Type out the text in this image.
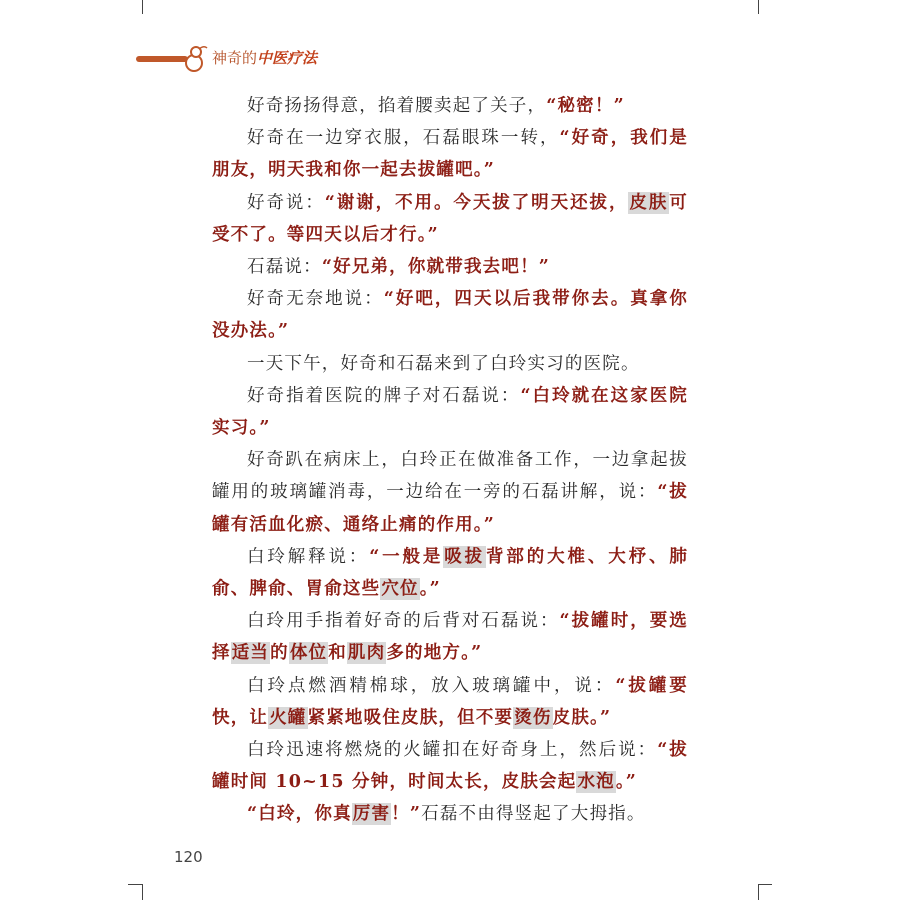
神奇的中医疗法

好奇扬扬得意，掐着腰卖起了关子，“秘密！”

好奇在一边穿衣服，石磊眼珠一转，“好奇，我们是朋友，明天我和你一起去拔罐吧。”

好奇说：“谢谢，不用。今天拔了明天还拔，皮肤可受不了。等四天以后才行。”

石磊说：“好兄弟，你就带我去吧！”

好奇无奈地说：“好吧，四天以后我带你去。真拿你没办法。”

一天下午，好奇和石磊来到了白玲实习的医院。

好奇指着医院的牌子对石磊说：“白玲就在这家医院实习。”

好奇趴在病床上，白玲正在做准备工作，一边拿起拔罐用的玻璃罐消毒，一边给在一旁的石磊讲解，说：“拔罐有活血化瘀、通络止痛的作用。”

白玲解释说：“一般是吸拔背部的大椎、大杼、肺俞、脾俞、胃俞这些穴位。”

白玲用手指着好奇的后背对石磊说：“拔罐时，要选择适当的体位和肌肉多的地方。”

白玲点燃酒精棉球，放入玻璃罐中，说：“拔罐要快，让火罐紧紧地吸住皮肤，但不要烫伤皮肤。”

白玲迅速将燃烧的火罐扣在好奇身上，然后说：“拔罐时间 10~15 分钟，时间太长，皮肤会起水泡。”

“白玲，你真厉害！”石磊不由得竖起了大拇指。

120
